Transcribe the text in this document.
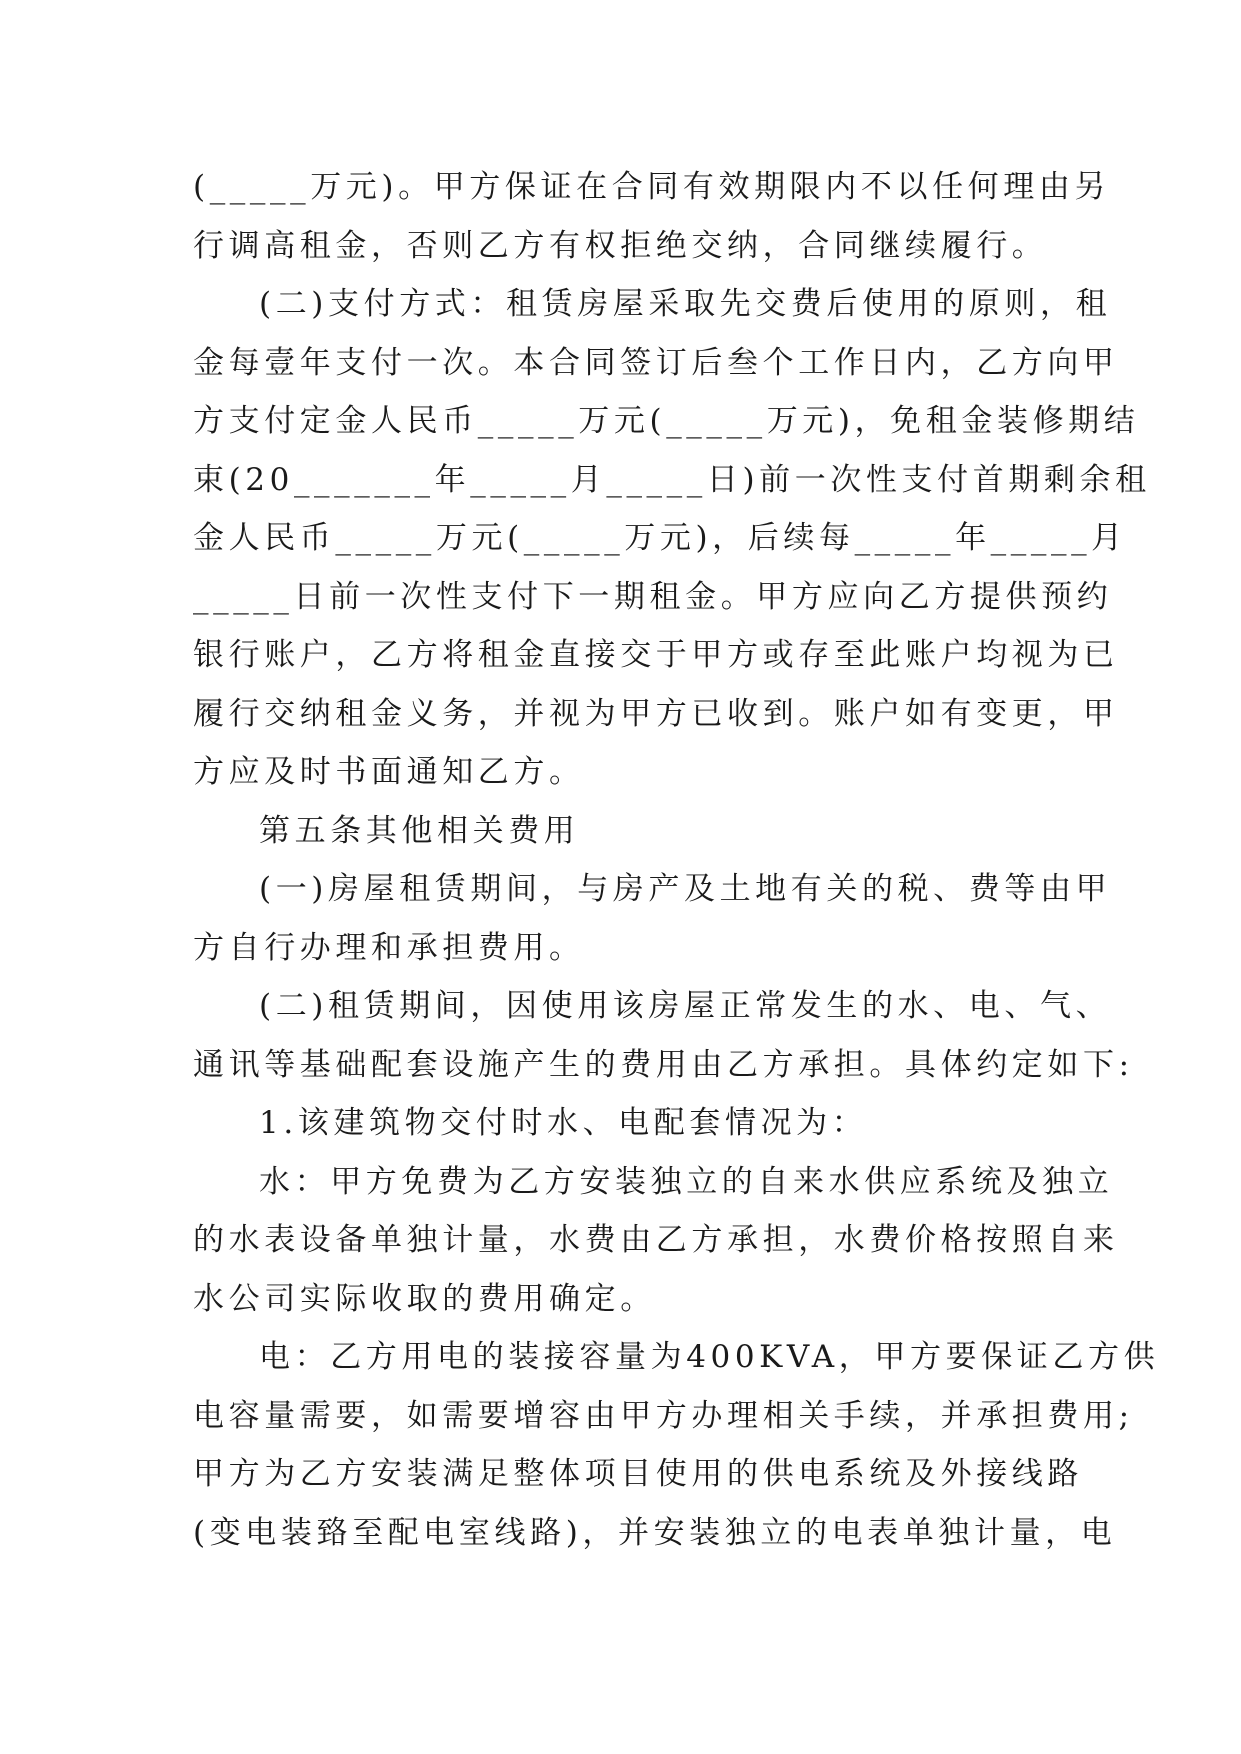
(_____万元)。甲方保证在合同有效期限内不以任何理由另
行调高租金，否则乙方有权拒绝交纳，合同继续履行。
(二)支付方式：租赁房屋采取先交费后使用的原则，租
金每壹年支付一次。本合同签订后叁个工作日内，乙方向甲
方支付定金人民币_____万元(_____万元)，免租金装修期结
束(20_______年_____月_____日)前一次性支付首期剩余租
金人民币_____万元(_____万元)，后续每_____年_____月
_____日前一次性支付下一期租金。甲方应向乙方提供预约
银行账户，乙方将租金直接交于甲方或存至此账户均视为已
履行交纳租金义务，并视为甲方已收到。账户如有变更，甲
方应及时书面通知乙方。
第五条其他相关费用
(一)房屋租赁期间，与房产及土地有关的税、费等由甲
方自行办理和承担费用。
(二)租赁期间，因使用该房屋正常发生的水、电、气、
通讯等基础配套设施产生的费用由乙方承担。具体约定如下:
1.该建筑物交付时水、电配套情况为：
水：甲方免费为乙方安装独立的自来水供应系统及独立
的水表设备单独计量，水费由乙方承担，水费价格按照自来
水公司实际收取的费用确定。
电：乙方用电的装接容量为400KVA，甲方要保证乙方供
电容量需要，如需要增容由甲方办理相关手续，并承担费用;
甲方为乙方安装满足整体项目使用的供电系统及外接线路
(变电装臵至配电室线路)，并安装独立的电表单独计量，电
